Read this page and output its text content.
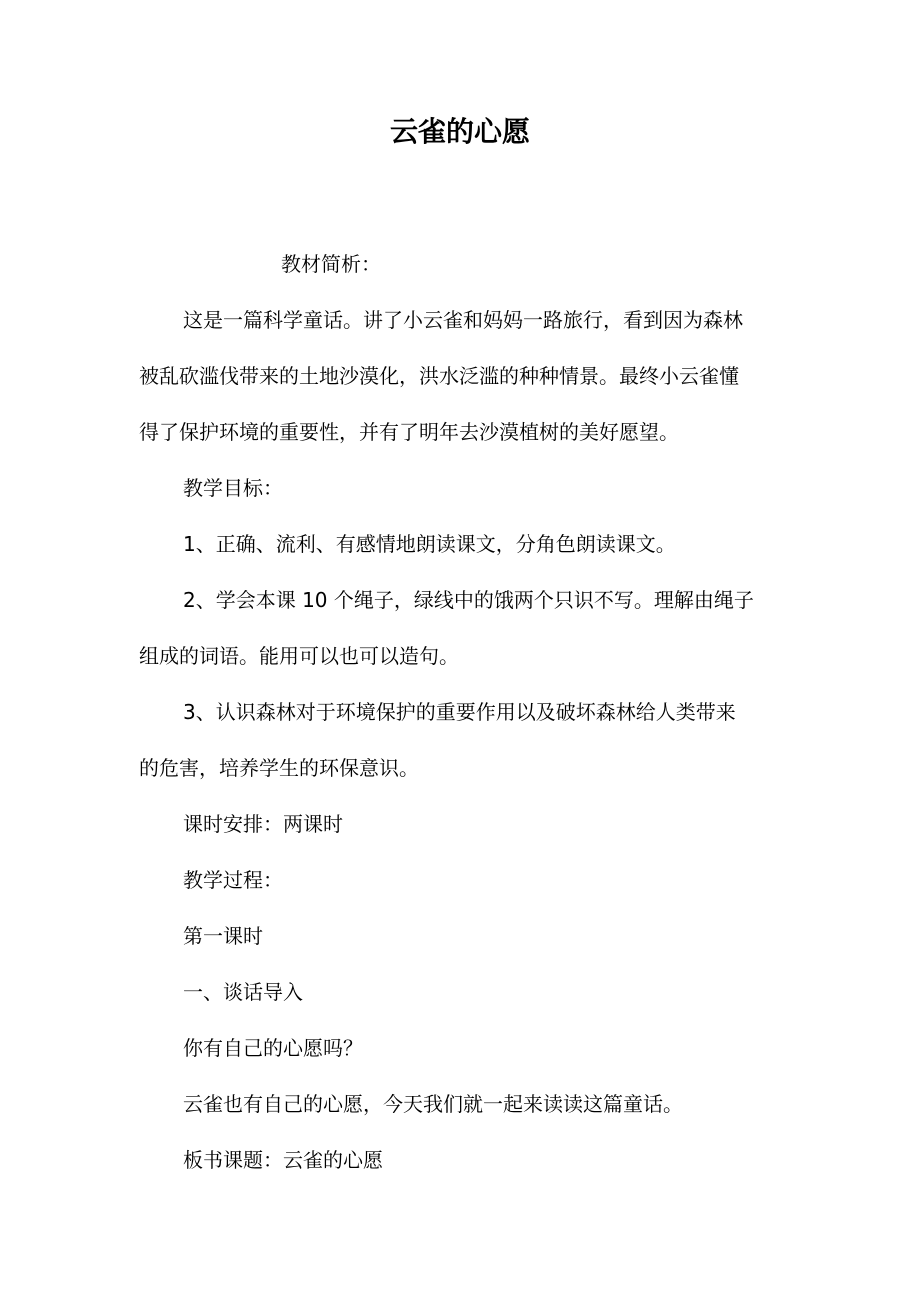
云雀的心愿
教材简析：
这是一篇科学童话。讲了小云雀和妈妈一路旅行，看到因为森林
被乱砍滥伐带来的土地沙漠化，洪水泛滥的种种情景。最终小云雀懂
得了保护环境的重要性，并有了明年去沙漠植树的美好愿望。
教学目标：
1、正确、流利、有感情地朗读课文，分角色朗读课文。
2、学会本课 10 个绳子，绿线中的饿两个只识不写。理解由绳子
组成的词语。能用可以也可以造句。
3、认识森林对于环境保护的重要作用以及破坏森林给人类带来
的危害，培养学生的环保意识。
课时安排：两课时
教学过程：
第一课时
一、谈话导入
你有自己的心愿吗？
云雀也有自己的心愿，今天我们就一起来读读这篇童话。
板书课题：云雀的心愿
